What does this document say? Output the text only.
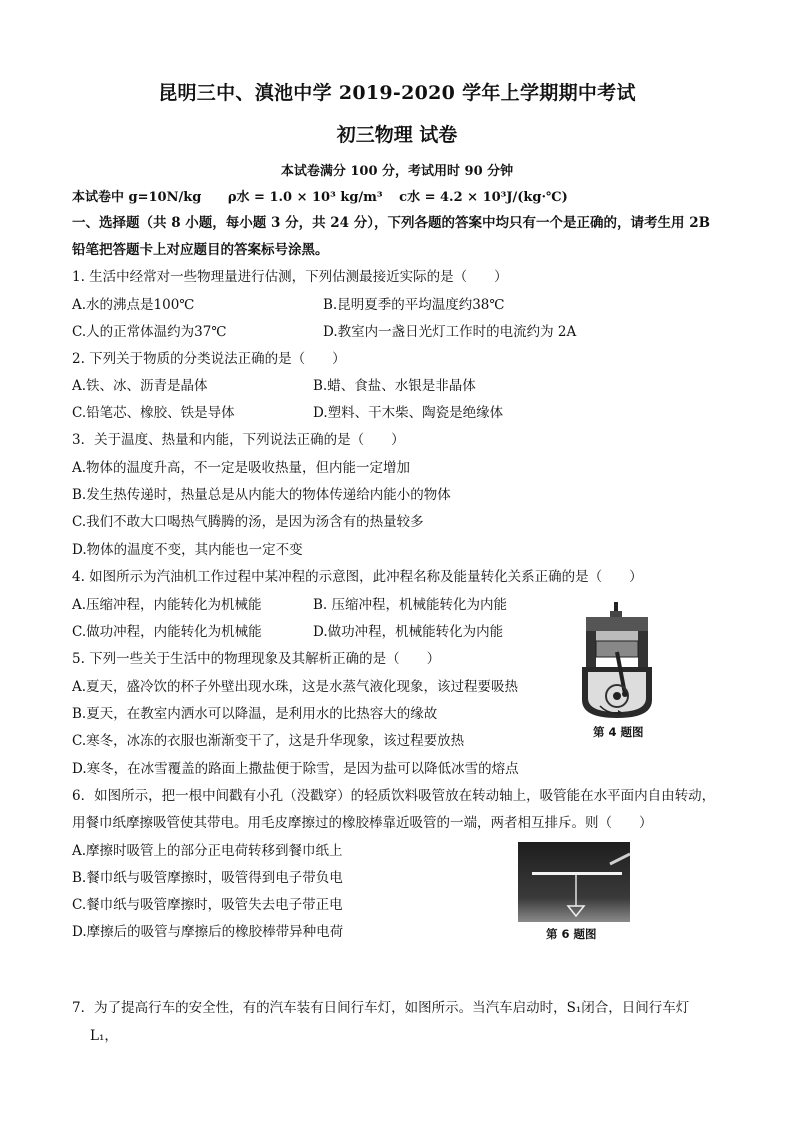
昆明三中、滇池中学 2019-2020 学年上学期期中考试
初三物理 试卷
本试卷满分 100 分，考试用时 90 分钟
本试卷中 g=10N/kg ρ水 = 1.0 × 10³ kg/m³ c水 = 4.2 × 10³J/(kg·℃)
一、选择题（共 8 小题，每小题 3 分，共 24 分），下列各题的答案中均只有一个是正确的，请考生用 2B
铅笔把答题卡上对应题目的答案标号涂黑。
1. 生活中经常对一些物理量进行估测，下列估测最接近实际的是（　　）
A.水的沸点是100℃	B.昆明夏季的平均温度约38℃
C.人的正常体温约为37℃	D.教室内一盏日光灯工作时的电流约为 2A
2. 下列关于物质的分类说法正确的是（　　）
A.铁、冰、沥青是晶体	B.蜡、食盐、水银是非晶体
C.铅笔芯、橡胶、铁是导体	D.塑料、干木柴、陶瓷是绝缘体
3．关于温度、热量和内能，下列说法正确的是（　　）
A.物体的温度升高，不一定是吸收热量，但内能一定增加
B.发生热传递时，热量总是从内能大的物体传递给内能小的物体
C.我们不敢大口喝热气腾腾的汤，是因为汤含有的热量较多
D.物体的温度不变，其内能也一定不变
4. 如图所示为汽油机工作过程中某冲程的示意图，此冲程名称及能量转化关系正确的是（　　）
A.压缩冲程，内能转化为机械能	B. 压缩冲程，机械能转化为内能
C.做功冲程，内能转化为机械能	D.做功冲程，机械能转化为内能
第 4 题图
5. 下列一些关于生活中的物理现象及其解析正确的是（　　）
A.夏天，盛冷饮的杯子外壁出现水珠，这是水蒸气液化现象，该过程要吸热
B.夏天，在教室内洒水可以降温，是利用水的比热容大的缘故
C.寒冬，冰冻的衣服也渐渐变干了，这是升华现象，该过程要放热
D.寒冬，在冰雪覆盖的路面上撒盐便于除雪，是因为盐可以降低冰雪的熔点
6．如图所示，把一根中间戳有小孔（没戳穿）的轻质饮料吸管放在转动轴上，吸管能在水平面内自由转动，
用餐巾纸摩擦吸管使其带电。用毛皮摩擦过的橡胶棒靠近吸管的一端，两者相互排斥。则（　　）
A.摩擦时吸管上的部分正电荷转移到餐巾纸上
B.餐巾纸与吸管摩擦时，吸管得到电子带负电
C.餐巾纸与吸管摩擦时，吸管失去电子带正电
D.摩擦后的吸管与摩擦后的橡胶棒带异种电荷	第 6 题图
7．为了提高行车的安全性，有的汽车装有日间行车灯，如图所示。当汽车启动时，S₁闭合，日间行车灯
L₁，
